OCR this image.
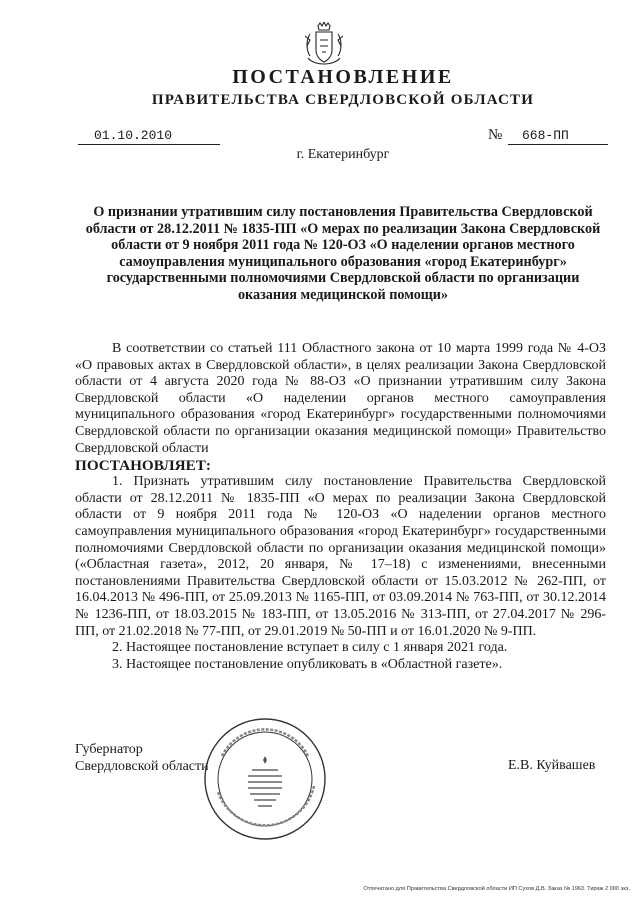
ПОСТАНОВЛЕНИЕ
ПРАВИТЕЛЬСТВА СВЕРДЛОВСКОЙ ОБЛАСТИ
01.10.2010	№	668-ПП
г. Екатеринбург
О признании утратившим силу постановления Правительства Свердловской области от 28.12.2011 № 1835-ПП «О мерах по реализации Закона Свердловской области от 9 ноября 2011 года № 120-ОЗ «О наделении органов местного самоуправления муниципального образования «город Екатеринбург» государственными полномочиями Свердловской области по организации оказания медицинской помощи»

В соответствии со статьей 111 Областного закона от 10 марта 1999 года № 4-ОЗ «О правовых актах в Свердловской области», в целях реализации Закона Свердловской области от 4 августа 2020 года № 88-ОЗ «О признании утратившим силу Закона Свердловской области «О наделении органов местного самоуправления муниципального образования «город Екатеринбург» государственными полномочиями Свердловской области по организации оказания медицинской помощи» Правительство Свердловской области

ПОСТАНОВЛЯЕТ:

1. Признать утратившим силу постановление Правительства Свердловской области от 28.12.2011 № 1835-ПП «О мерах по реализации Закона Свердловской области от 9 ноября 2011 года № 120-ОЗ «О наделении органов местного самоуправления муниципального образования «город Екатеринбург» государственными полномочиями Свердловской области по организации оказания медицинской помощи» («Областная газета», 2012, 20 января, № 17–18) с изменениями, внесенными постановлениями Правительства Свердловской области от 15.03.2012 № 262-ПП, от 16.04.2013 № 496-ПП, от 25.09.2013 № 1165-ПП, от 03.09.2014 № 763-ПП, от 30.12.2014 № 1236-ПП, от 18.03.2015 № 183-ПП, от 13.05.2016 № 313-ПП, от 27.04.2017 № 296-ПП, от 21.02.2018 № 77-ПП, от 29.01.2019 № 50-ПП и от 16.01.2020 № 9-ПП.

2. Настоящее постановление вступает в силу с 1 января 2021 года.

3. Настоящее постановление опубликовать в «Областной газете».

Губернатор
Свердловской области	Е.В. Куйвашев
Отпечатано для Правительства Свердловской области ИП Сухов Д.В. Заказ № 1963. Тираж 2 000 экз.
